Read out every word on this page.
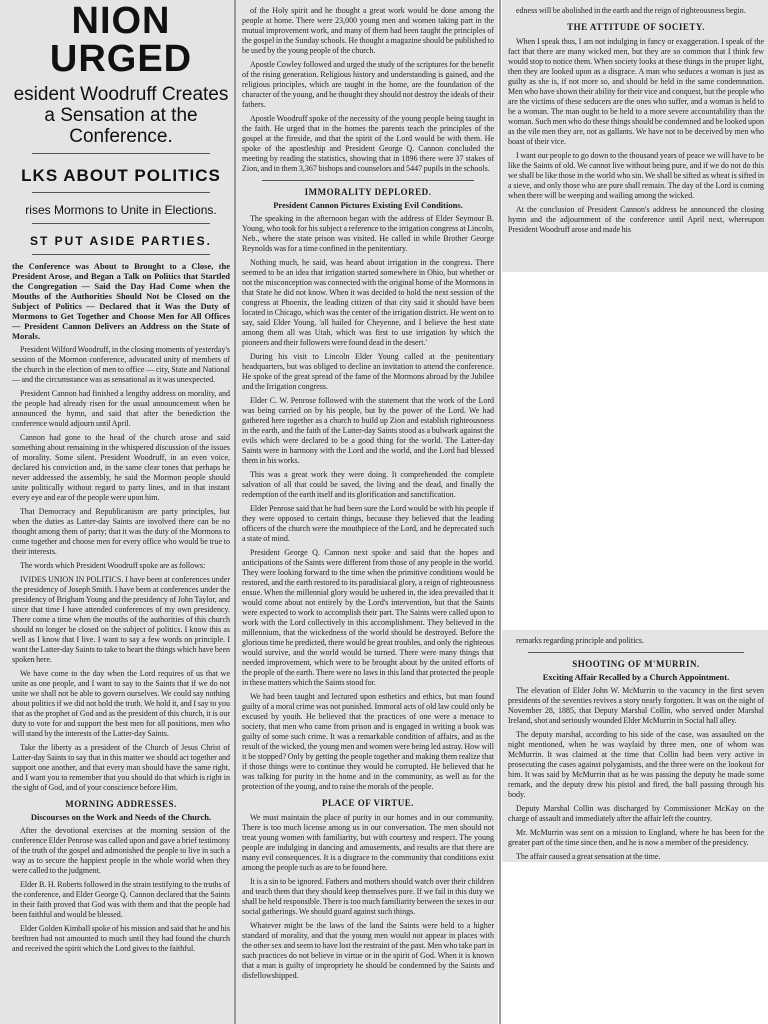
NION URGED
esident Woodruff Creates a Sensation at the Conference.
LKS ABOUT POLITICS
rises Mormons to Unite in Elections.
ST PUT ASIDE PARTIES.

the Conference was About to Brought to a Close, the President Arose, and Began a Talk on Politics that Startled the Congregation — Said the Day Had Come when the Mouths of the Authorities Should Not be Closed on the Subject of Politics — Declared that it Was the Duty of Mormons to Get Together and Choose Men for All Offices — President Cannon Delivers an Address on the State of Morals.

President Wilford Woodruff, in the closing moments of yesterday's session of the Mormon conference, advocated unity of members of the church in the election of men to office — city, State and National — and the circumstance was as sensational as it was unexpected.

President Cannon had finished a lengthy address on morality, and the people had already risen for the usual announcement when he announced the hymn, and said that after the benediction the conference would adjourn until April.

Cannon had gone to the head of the church arose and said something about remaining in the whispered discussion of the issues of morality. Some silent. President Woodruff, in an even voice, declared his conviction and, in the same clear tones that perhaps he never addressed the assembly, he said the Mormon people should unite politically without regard to party lines, and in that instant every eye and ear of the people were upon him.

That Democracy and Republicanism are party principles, but when the duties as Latter-day Saints are involved there can be no thought among them of party; that it was the duty of the Mormons to come together and choose men for every office who would be true to their interests.

The words which President Woodruff spoke are as follows:

IVIDES UNION IN POLITICS. I have been at conferences under the presidency of Joseph Smith. I have been at conferences under the presidency of Brigham Young and the presidency of John Taylor, and since that time I have attended conferences of my own presidency. There come a time when the mouths of the authorities of this church should no longer be closed on the subject of politics. I know this as well as I know that I live. I want to say a few words on principle. I want the Latter-day Saints to take to heart the things which have been spoken here.

We have come to the day when the Lord requires of us that we unite as one people, and I want to say to the Saints that if we do not unite we shall not be able to govern ourselves. We could say nothing about politics if we did not hold the truth. We hold it, and I say to you that as the prophet of God and as the president of this church, it is our duty to vote for and support the best men for all positions, men who will stand by the interests of the Latter-day Saints.

Take the liberty as a president of the Church of Jesus Christ of Latter-day Saints to say that in this matter we should act together and support one another, and that every man should have the same right, and I want you to remember that you should do that which is right in the sight of God, and of your conscience before Him.

MORNING ADDRESSES.

Discourses on the Work and Needs of the Church.

After the devotional exercises at the morning session of the conference Elder Penrose was called upon and gave a brief testimony of the truth of the gospel and admonished the people to live in such a way as to secure the happiest people in the whole world when they were called to the judgment.

Elder B. H. Roberts followed in the strain testifying to the truths of the conference, and Elder George Q. Cannon declared that the Saints in their faith proved that God was with them and that the people had been faithful and would be blessed.

Elder Golden Kimball spoke of his mission and said that he and his brethren had not amounted to much until they had found the church and received the spirit which the Lord gives to the faithful.

of the Holy spirit and he thought a great work would be done among the people at home. There were 23,000 young men and women taking part in the mutual improvement work, and many of them had been taught the principles of the gospel in the Sunday schools. He thought a magazine should be published to be used by the young people of the church.

Apostle Cowley followed and urged the study of the scriptures for the benefit of the rising generation. Religious history and understanding is gained, and the religious principles, which are taught in the home, are the foundation of the character of the young, and he thought they should not destroy the ideals of their fathers.

Apostle Woodruff spoke of the necessity of the young people being taught in the faith. He urged that in the homes the parents teach the principles of the gospel at the fireside, and that the spirit of the Lord would be with them. He spoke of the apostleship and President George Q. Cannon concluded the meeting by reading the statistics, showing that in 1896 there were 37 stakes of Zion, and in them 3,367 bishops and counselors and 5447 pupils in the schools.

IMMORALITY DEPLORED.

President Cannon Pictures Existing Evil Conditions.

The speaking in the afternoon began with the address of Elder Seymour B. Young, who took for his subject a reference to the irrigation congress at Lincoln, Neb., where the state prison was visited. He called in while Brother George Reynolds was for a time confined in the penitentiary.

Nothing much, he said, was heard about irrigation in the congress. There seemed to be an idea that irrigation started somewhere in Ohio, but whether or not the misconception was connected with the original home of the Mormons in that State he did not know. When it was decided to hold the next session of the congress at Phoenix, the leading citizen of that city said it should have been located in Chicago, which was the center of the irrigation district. He went on to say, said Elder Young, 'all hailed for Cheyenne, and I believe the best state among them all was Utah, which was first to use irrigation by which the pioneers and their followers were found dead in the desert.'

During his visit to Lincoln Elder Young called at the penitentiary headquarters, but was obliged to decline an invitation to attend the conference. He spoke of the great spread of the fame of the Mormons abroad by the Jubilee and the Irrigation congress.

Elder C. W. Penrose followed with the statement that the work of the Lord was being carried on by his people, but by the power of the Lord. We had gathered here together as a church to build up Zion and establish righteousness in the earth, and the faith of the Latter-day Saints stood as a bulwark against the evils which were declared to be a good thing for the world. The Latter-day Saints were in harmony with the Lord and the world, and the Lord had blessed them in his works.

This was a great work they were doing. It comprehended the complete salvation of all that could be saved, the living and the dead, and finally the redemption of the earth itself and its glorification and sanctification.

Elder Penrose said that he had been sure the Lord would be with his people if they were opposed to certain things, because they believed that the leading officers of the church were the mouthpiece of the Lord, and he deprecated such a state of mind.

President George Q. Cannon next spoke and said that the hopes and anticipations of the Saints were different from those of any people in the world. They were looking forward to the time when the primitive conditions would be restored, and the earth restored to its paradisiacal glory, a reign of righteousness ensue. When the millennial glory would be ushered in, the idea prevailed that it would come about not entirely by the Lord's intervention, but that the Saints were expected to work to accomplish their part. The Saints were called upon to work with the Lord collectively in this accomplishment. They believed in the millennium, that the wickedness of the world should be destroyed. Before the glorious time he predicted, there would be great troubles, and only the righteous would survive, and the world would be turned. There were many things that needed improvement, which were to be brought about by the united efforts of the people of the earth. There were no laws in this land that protected the people in these matters which the Saints stood for.

We had been taught and lectured upon esthetics and ethics, but man found guilty of a moral crime was not punished. Immoral acts of old law could only be excused by youth. He believed that the practices of one were a menace to society, that men who came from prison and is engaged in writing a book was guilty of some such crime. It was a remarkable condition of affairs, and as the result of the wicked, the young men and women were being led astray. How will it be stopped? Only by getting the people together and making them realize that if those things were to continue they would be corrupted. He believed that he was talking for purity in the home and in the community, as well as for the protection of the young, and to raise the morals of the people.

PLACE OF VIRTUE.

We must maintain the place of purity in our homes and in our community. There is too much license among us in our conversation. The men should not treat young women with familiarity, but with courtesy and respect. The young people are indulging in dancing and amusements, and results are that there are many evil consequences. It is a disgrace to the community that conditions exist among the people such as are to be found here.

It is a sin to be ignored. Fathers and mothers should watch over their children and teach them that they should keep themselves pure. If we fail in this duty we shall be held responsible. There is too much familiarity between the sexes in our social gatherings. We should guard against such things.

Whatever might be the laws of the land the Saints were held to a higher standard of morality, and that the young men would not appear in places with the other sex and seem to have lost the restraint of the past. Men who take part in such practices do not believe in virtue or in the spirit of God. When it is known that a man is guilty of impropriety he should be condemned by the Saints and disfellowshipped.

edness will be abolished in the earth and the reign of righteousness begin.

THE ATTITUDE OF SOCIETY.

When I speak thus, I am not indulging in fancy or exaggeration. I speak of the fact that there are many wicked men, but they are so common that I think few would stop to notice them. When society looks at these things in the proper light, then they are looked upon as a disgrace. A man who seduces a woman is just as guilty as she is, if not more so, and should be held in the same condemnation. Men who have shown their ability for their vice and conquest, but the people who are the victims of these seducers are the ones who suffer, and a woman is held to be a woman. The man ought to be held to a more severe accountability than the woman. Such men who do these things should be condemned and be looked upon as the vile men they are, not as gallants. We have not to be deceived by men who boast of their vice.

I want our people to go down to the thousand years of peace we will have to be like the Saints of old. We cannot live without being pure, and if we do not do this we shall be like those in the world who sin. We shall be sifted as wheat is sifted in a sieve, and only those who are pure shall remain. The day of the Lord is coming when there will be weeping and wailing among the wicked.

At the conclusion of President Cannon's address he announced the closing hymn and the adjournment of the conference until April next, whereupon President Woodruff arose and made his

remarks regarding principle and politics.

SHOOTING OF M'MURRIN.

Exciting Affair Recalled by a Church Appointment.

The elevation of Elder John W. McMurrin to the vacancy in the first seven presidents of the seventies revives a story nearly forgotten. It was on the night of November 28, 1885, that Deputy Marshal Collin, who served under Marshal Ireland, shot and seriously wounded Elder McMurrin in Social hall alley.

The deputy marshal, according to his side of the case, was assaulted on the night mentioned, when he was waylaid by three men, one of whom was McMurrin. It was claimed at the time that Collin had been very active in prosecuting the cases against polygamists, and the three were on the lookout for him. It was said by McMurrin that as he was passing the deputy he made some remark, and the deputy drew his pistol and fired, the ball passing through his body.

Deputy Marshal Collin was discharged by Commissioner McKay on the charge of assault and immediately after the affair left the country.

Mr. McMurrin was sent on a mission to England, where he has been for the greater part of the time since then, and he is now a member of the presidency.

The affair caused a great sensation at the time.
